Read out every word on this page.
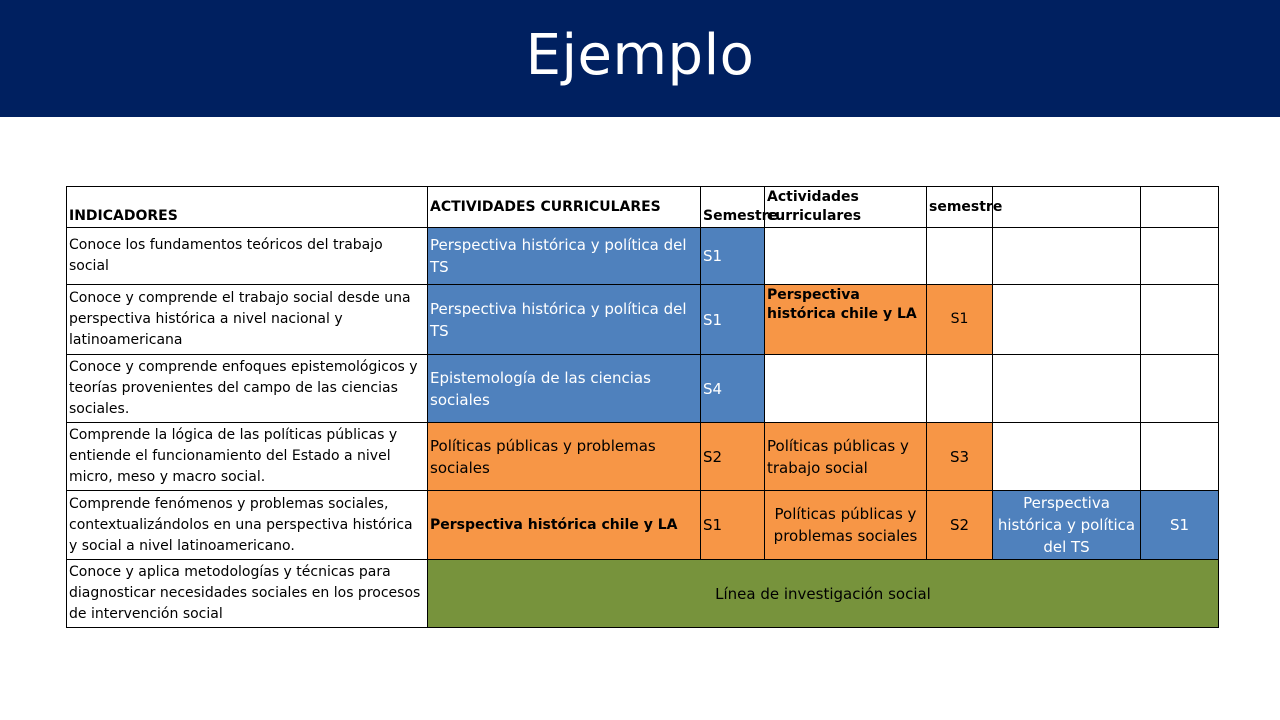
Ejemplo
INDICADORES	ACTIVIDADES CURRICULARES	Semestre	Actividades curriculares	semestre		
Conoce los fundamentos teóricos del trabajo social	Perspectiva histórica y política del TS	S1				
Conoce y comprende el trabajo social desde una perspectiva histórica a nivel nacional y latinoamericana	Perspectiva histórica y política del TS	S1	Perspectiva histórica chile y LA	S1		
Conoce y comprende enfoques epistemológicos y teorías provenientes del campo de las ciencias sociales.	Epistemología de las ciencias sociales	S4				
Comprende la lógica de las políticas públicas y entiende el funcionamiento del Estado a nivel micro, meso y macro social.	Políticas públicas y problemas sociales	S2	Políticas públicas y trabajo social	S3		
Comprende fenómenos y problemas sociales, contextualizándolos en una perspectiva histórica y social a nivel latinoamericano.	Perspectiva histórica chile y LA	S1	Políticas públicas y problemas sociales	S2	Perspectiva histórica y política del TS	S1
Conoce y aplica metodologías y técnicas para diagnosticar necesidades sociales en los procesos de intervención social	Línea de investigación social					
